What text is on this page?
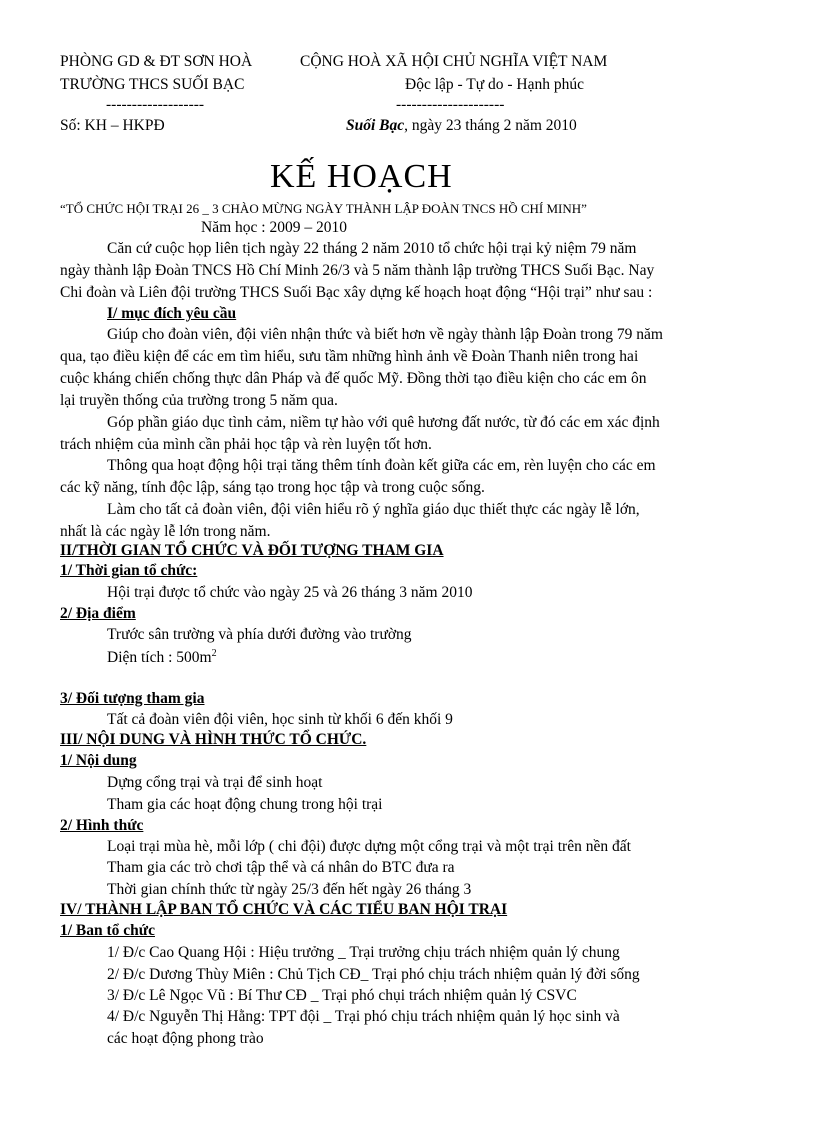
PHÒNG GD & ĐT SƠN HOÀ
TRƯỜNG THCS SUỐI BẠC
-------------------
Số: KH – HKPĐ
CỘNG HOÀ XÃ HỘI CHỦ NGHĨA VIỆT NAM
Độc lập - Tự do - Hạnh phúc
---------------------
Suối Bạc, ngày 23 tháng 2 năm 2010
KẾ HOẠCH
“TỔ CHỨC HỘI TRẠI 26 _ 3 CHÀO MỪNG NGÀY THÀNH LẬP ĐOÀN TNCS HỒ CHÍ MINH”
Năm học : 2009 – 2010
Căn cứ cuộc họp liên tịch ngày 22 tháng 2 năm 2010 tổ chức hội trại kỷ niệm 79 năm
ngày thành lập Đoàn TNCS Hồ Chí Minh 26/3 và 5 năm thành lập trường THCS Suối Bạc. Nay
Chi đoàn và Liên đội trường THCS Suối Bạc xây dựng kế hoạch hoạt động “Hội trại” như sau :
I/ mục đích yêu cầu
Giúp cho đoàn viên, đội viên nhận thức và biết hơn về ngày thành lập Đoàn trong 79 năm
qua, tạo điều kiện để các em tìm hiểu, sưu tầm những hình ảnh về Đoàn Thanh niên trong hai
cuộc kháng chiến chống thực dân Pháp và đế quốc Mỹ. Đồng thời tạo điều kiện cho các em ôn
lại truyền thống của trường trong 5 năm qua.
Góp phần giáo dục tình cảm, niềm tự hào với quê hương đất nước, từ đó các em xác định
trách nhiệm của mình cần phải học tập và rèn luyện tốt hơn.
Thông qua hoạt động hội trại tăng thêm tính đoàn kết giữa các em, rèn luyện cho các em
các kỹ năng, tính độc lập, sáng tạo trong học tập và trong cuộc sống.
Làm cho tất cả đoàn viên, đội viên hiểu rõ ý nghĩa giáo dục thiết thực các ngày lễ lớn,
nhất là các ngày lễ lớn trong năm.
II/THỜI GIAN TỔ CHỨC VÀ ĐỐI TƯỢNG THAM GIA
1/ Thời gian tổ chức:
Hội trại được tổ chức vào ngày 25 và 26 tháng 3 năm 2010
2/ Địa điểm
Trước sân trường và phía dưới đường vào trường
Diện tích : $500m^2$
3/ Đối tượng tham gia
Tất cả đoàn viên đội viên, học sinh từ khối 6 đến khối 9
III/ NỘI DUNG VÀ HÌNH THỨC TỔ CHỨC.
1/ Nội dung
Dựng cổng trại và trại để sinh hoạt
Tham gia các hoạt động chung trong hội trại
2/ Hình thức
Loại trại mùa hè, mỗi lớp ( chi đội) được dựng một cổng trại và một trại trên nền đất
Tham gia các trò chơi tập thể và cá nhân do BTC đưa ra
Thời gian chính thức từ ngày 25/3 đến hết ngày 26 tháng 3
IV/ THÀNH LẬP BAN TỔ CHỨC VÀ CÁC TIỂU BAN HỘI TRẠI
1/ Ban tổ chức
1/ Đ/c Cao Quang Hội : Hiệu trưởng _ Trại trưởng chịu trách nhiệm quản lý chung
2/ Đ/c Dương Thùy Miên : Chủ Tịch CĐ_ Trại phó chịu trách nhiệm quản lý đời sống
3/ Đ/c Lê Ngọc Vũ : Bí Thư CĐ _ Trại phó chụi trách nhiệm quản lý CSVC
4/ Đ/c Nguyễn Thị Hằng: TPT đội _ Trại phó chịu trách nhiệm quản lý học sinh và
các hoạt động phong trào
